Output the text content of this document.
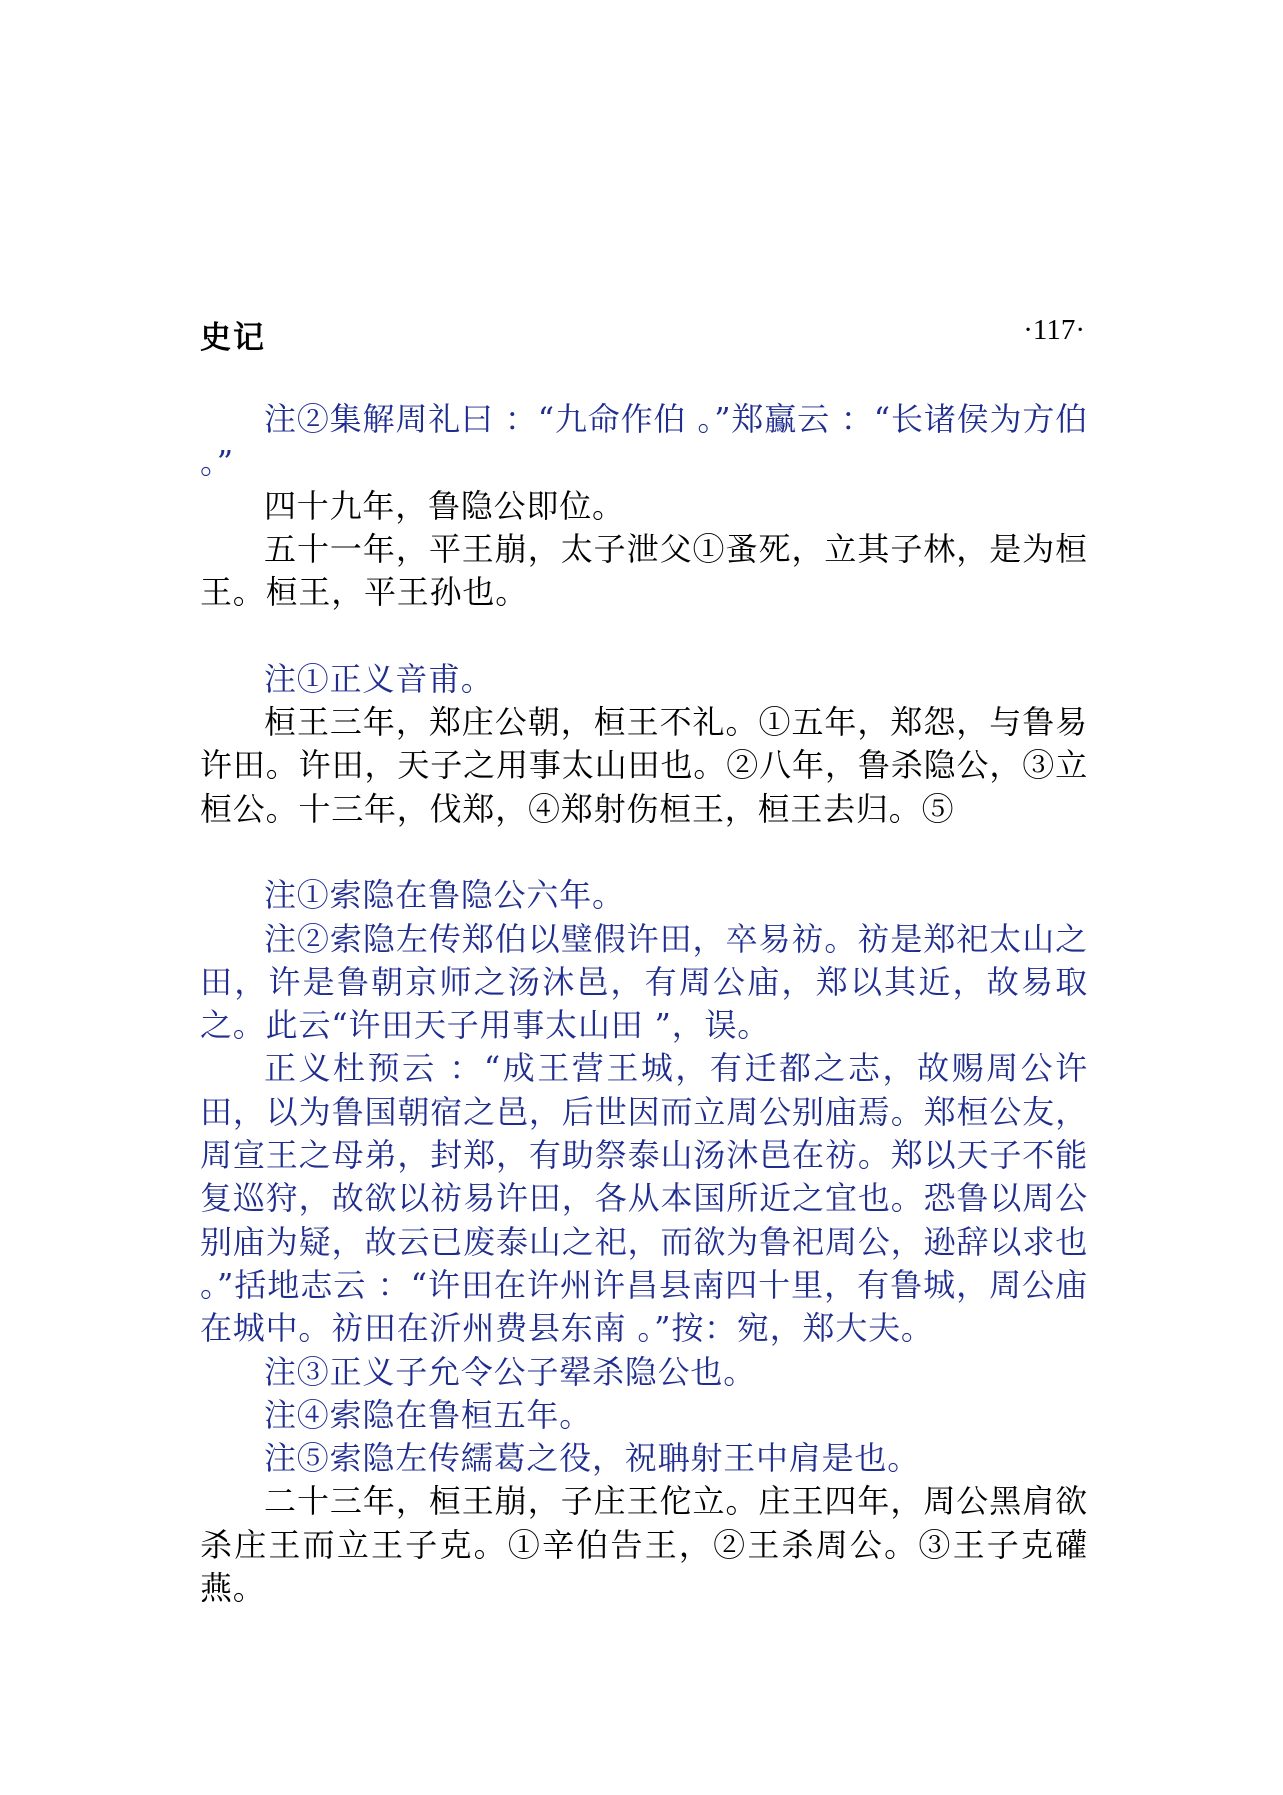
史记	·117·

注②集解周礼曰 ：“九命作伯 。”郑鸁云 ：“长诸侯为方伯 。”

四十九年，鲁隐公即位。

五十一年，平王崩，太子泄父①蚤死，立其子林，是为桓王。桓王，平王孙也。

注①正义音甫。

桓王三年，郑庄公朝，桓王不礼。①五年，郑怨，与鲁易许田。许田，天子之用事太山田也。②八年，鲁杀隐公，③立桓公。十三年，伐郑，④郑射伤桓王，桓王去归。⑤

注①索隐在鲁隐公六年。

注②索隐左传郑伯以璧假许田，卒易祊。祊是郑祀太山之田，许是鲁朝京师之汤沐邑，有周公庙，郑以其近，故易取之。此云“许田天子用事太山田 ”，误。

正义杜预云 ：“成王营王城，有迁都之志，故赐周公许田，以为鲁国朝宿之邑，后世因而立周公别庙焉。郑桓公友，周宣王之母弟，封郑，有助祭泰山汤沐邑在祊。郑以天子不能复巡狩，故欲以祊易许田，各从本国所近之宜也。恐鲁以周公别庙为疑，故云已废泰山之祀，而欲为鲁祀周公，逊辞以求也 。”括地志云 ：“许田在许州许昌县南四十里，有鲁城，周公庙在城中。祊田在沂州费县东南 。”按：宛，郑大夫。

注③正义子允令公子翚杀隐公也。

注④索隐在鲁桓五年。

注⑤索隐左传繻葛之役，祝聃射王中肩是也。

二十三年，桓王崩，子庄王佗立。庄王四年，周公黑肩欲杀庄王而立王子克。①辛伯告王，②王杀周公。③王子克礶燕。
